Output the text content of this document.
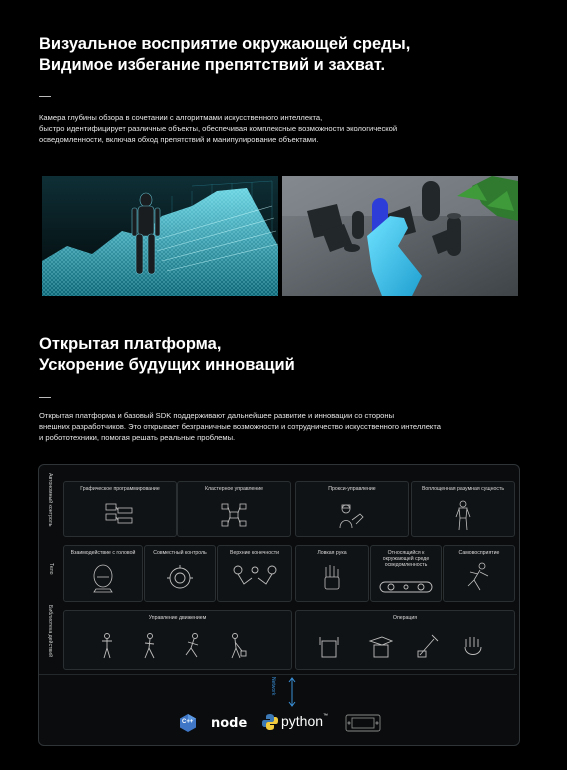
Визуальное восприятие окружающей среды,
Видимое избегание препятствий и захват.
Камера глубины обзора в сочетании с алгоритмами искусственного интеллекта,
быстро идентифицирует различные объекты, обеспечивая комплексные возможности экологической
осведомленности, включая обход препятствий и манипулирование объектами.
Открытая платформа,
Ускорение будущих инноваций
Открытая платформа и базовый SDK поддерживают дальнейшее развитие и инновации со стороны
внешних разработчиков. Это открывает безграничные возможности и сотрудничество искусственного интеллекта
и робототехники, помогая решать реальные проблемы.
Автономный контроль
Тело
Библиотека действий
Графическое программирование	Кластерное управление	Прокси-управление	Воплощенная разумная сущность
Взаимодействие с головой	Совместный контроль	Верхние конечности	Ловкая рука	Относящийся к окружающей среде осведомленность
Самовосприятие
Управление движением	Операция
Network
C++ node python™
